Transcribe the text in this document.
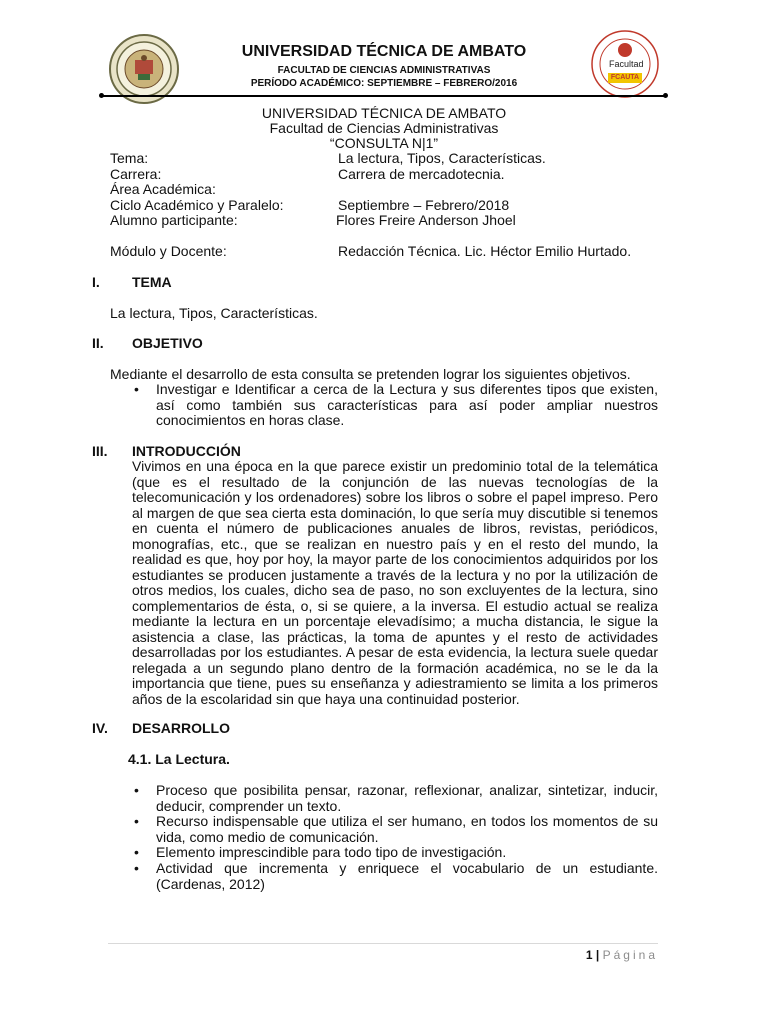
UNIVERSIDAD TÉCNICA DE AMBATO
FACULTAD DE CIENCIAS ADMINISTRATIVAS
PERÍODO ACADÉMICO: SEPTIEMBRE – FEBRERO/2016
Facultad
FCAUTA
UNIVERSIDAD TÉCNICA DE AMBATO
Facultad de Ciencias Administrativas
“CONSULTA N|1”
Tema:	La lectura, Tipos, Características.
Carrera:	Carrera de mercadotecnia.
Área Académica:
Ciclo Académico y Paralelo:	Septiembre – Febrero/2018
Alumno participante:	Flores Freire Anderson Jhoel
Módulo y Docente:	Redacción Técnica. Lic. Héctor Emilio Hurtado.
I. TEMA
La lectura, Tipos, Características.
II. OBJETIVO
Mediante el desarrollo de esta consulta se pretenden lograr los siguientes objetivos.
• Investigar e Identificar a cerca de la Lectura y sus diferentes tipos que existen, así como también sus características para así poder ampliar nuestros conocimientos en horas clase.
III. INTRODUCCIÓN
Vivimos en una época en la que parece existir un predominio total de la telemática (que es el resultado de la conjunción de las nuevas tecnologías de la telecomunicación y los ordenadores) sobre los libros o sobre el papel impreso. Pero al margen de que sea cierta esta dominación, lo que sería muy discutible si tenemos en cuenta el número de publicaciones anuales de libros, revistas, periódicos, monografías, etc., que se realizan en nuestro país y en el resto del mundo, la realidad es que, hoy por hoy, la mayor parte de los conocimientos adquiridos por los estudiantes se producen justamente a través de la lectura y no por la utilización de otros medios, los cuales, dicho sea de paso, no son excluyentes de la lectura, sino complementarios de ésta, o, si se quiere, a la inversa. El estudio actual se realiza mediante la lectura en un porcentaje elevadísimo; a mucha distancia, le sigue la asistencia a clase, las prácticas, la toma de apuntes y el resto de actividades desarrolladas por los estudiantes. A pesar de esta evidencia, la lectura suele quedar relegada a un segundo plano dentro de la formación académica, no se le da la importancia que tiene, pues su enseñanza y adiestramiento se limita a los primeros años de la escolaridad sin que haya una continuidad posterior.
IV. DESARROLLO
4.1. La Lectura.
• Proceso que posibilita pensar, razonar, reflexionar, analizar, sintetizar, inducir, deducir, comprender un texto.
• Recurso indispensable que utiliza el ser humano, en todos los momentos de su vida, como medio de comunicación.
• Elemento imprescindible para todo tipo de investigación.
• Actividad que incrementa y enriquece el vocabulario de un estudiante. (Cardenas, 2012)
1 | Página
